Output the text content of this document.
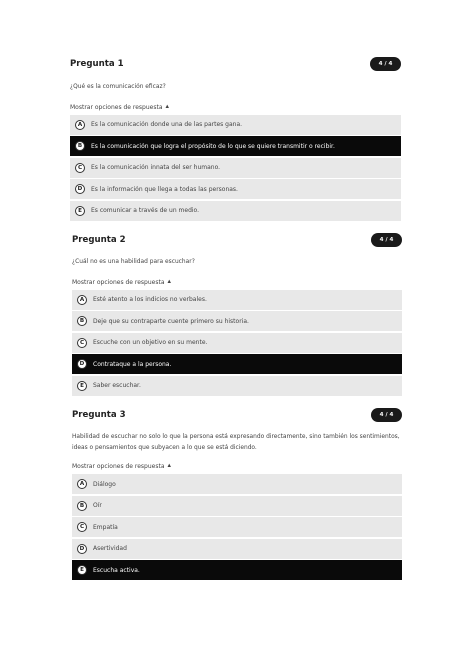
Pregunta 1	4 / 4
¿Qué es la comunicación eficaz?
Mostrar opciones de respuesta ▲
A	Es la comunicación donde una de las partes gana.
B	Es la comunicación que logra el propósito de lo que se quiere transmitir o recibir.
C	Es la comunicación innata del ser humano.
D	Es la información que llega a todas las personas.
E	Es comunicar a través de un medio.
Pregunta 2	4 / 4
¿Cuál no es una habilidad para escuchar?
Mostrar opciones de respuesta ▲
A	Esté atento a los indicios no verbales.
B	Deje que su contraparte cuente primero su historia.
C	Escuche con un objetivo en su mente.
D	Contrataque a la persona.
E	Saber escuchar.
Pregunta 3	4 / 4
Habilidad de escuchar no solo lo que la persona está expresando directamente, sino también los sentimientos,
ideas o pensamientos que subyacen a lo que se está diciendo.
Mostrar opciones de respuesta ▲
A	Diálogo
B	Oír
C	Empatía
D	Asertividad
E	Escucha activa.
